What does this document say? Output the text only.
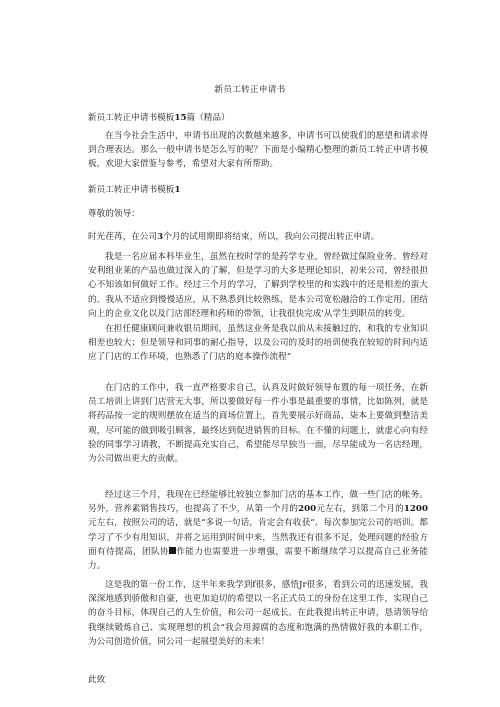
新员工转正申请书
新员工转正申请书模板15篇（精品）
在当今社会生活中，申请书出现的次数越来越多，申请书可以使我们的愿望和请求得到合理表达。那么一般申请书是怎么写的呢？下面是小编精心整理的新员工转正申请书模板，欢迎大家借鉴与参考，希望对大家有所帮助。
新员工转正申请书模板1
尊敬的领导：
时光荏苒，在公司3个月的试用期即将结束，所以，我向公司提出转正申请。
我是一名应届本科毕业生，虽然在校时学的是药学专业，曾经做过保险业务。曾经对安利组业莱的产品也做过深入的了解，但是学习的大多是理论知识，初来公司，曾经很担心不知该如何做好工作。经过三个月的学习，了解到学校里的和实践中的还是相差的蛮大的。我从不适应到慢慢适应，从不熟悉到比较熟练，是本公司宽松融洽的工作定用、团结向上的企业文化以及门店部经理和药师的带领，让我很快完成'从学生到职员的转变。
在担任健康顾问兼收银员期间，虽然这业务是我以前从未接触过的，和我的专业知识相差也较大；但是领导和同事的耐心指导，以及公司的及时的培训使我在较短的时间内适应了门店的工作环境，也熟悉了门店的庭本操作流程“
在门店的工作中，我一直严格要求自己，认真及时做好领导布置的每一项任务，在新员工培训上讲到门店营无大事，所以要做好每一件小事是最重要的事情，比如陈列，就是将药品按一定的规则摆放在适当的商场位置上，首先要展示好商品，柒本上要做到整洁美观，尽可能的做到吸引顾客，最终达到促进销售的目标。在不懂的问题上，就虚心向有经验的同事学习请教，不断提高充实自己，希望能尽早独当一面，尽早能成为一名店经理，为公司做出更大的贡献。
经过这三个月，我现在已经能够比较独立参加门店的基本工作，做一些门店的帐务。另外，营养素销售技巧，也提高了不少，从第一个月的200元左右，到第二个月的1200元左右，按照公司的话，就是“多说一句话，肯定会有收获“。每次参加完公司的培训。都学习了不少有用知识，并将之运用到时间中来，当然我还有很多不足，处理问题的经验方面有待提高，团队协 作能力也需要进一步增强，需要不断继续学习以提高自己业务能力。
这是我的第一份工作，这半年来我学到f很多，感悟Jr很多，看到公司的迅速发展，我深深地感到骄傲和自豪，也更加迫切的希望以一名正式员工的身份在这里工作，实现自己的奋斗目标，体现自己的人生价值，和公司一起成长。在此我提出转正申请，恳请领导给我继续锻炼自己、实现理想的机会“我会用源腐的态度和饱满的热情做好我的本职工作，为公司创造价值，同公司一起展望美好的未来！
此致
